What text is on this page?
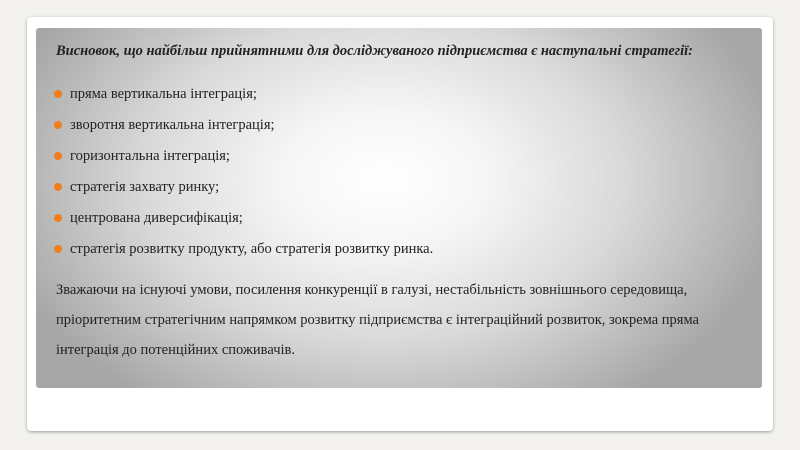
Висновок, що найбільш прийнятними для досліджуваного підприємства є наступальні стратегії:
пряма вертикальна інтеграція;
зворотня вертикальна інтеграція;
горизонтальна інтеграція;
стратегія захвату ринку;
центрована диверсифікація;
стратегія розвитку продукту, або стратегія розвитку ринка.
Зважаючи на існуючі умови, посилення конкуренції в галузі, нестабільність зовнішнього середовища, пріоритетним стратегічним напрямком розвитку підприємства є інтеграційний розвиток, зокрема пряма інтеграція до потенційних споживачів.
